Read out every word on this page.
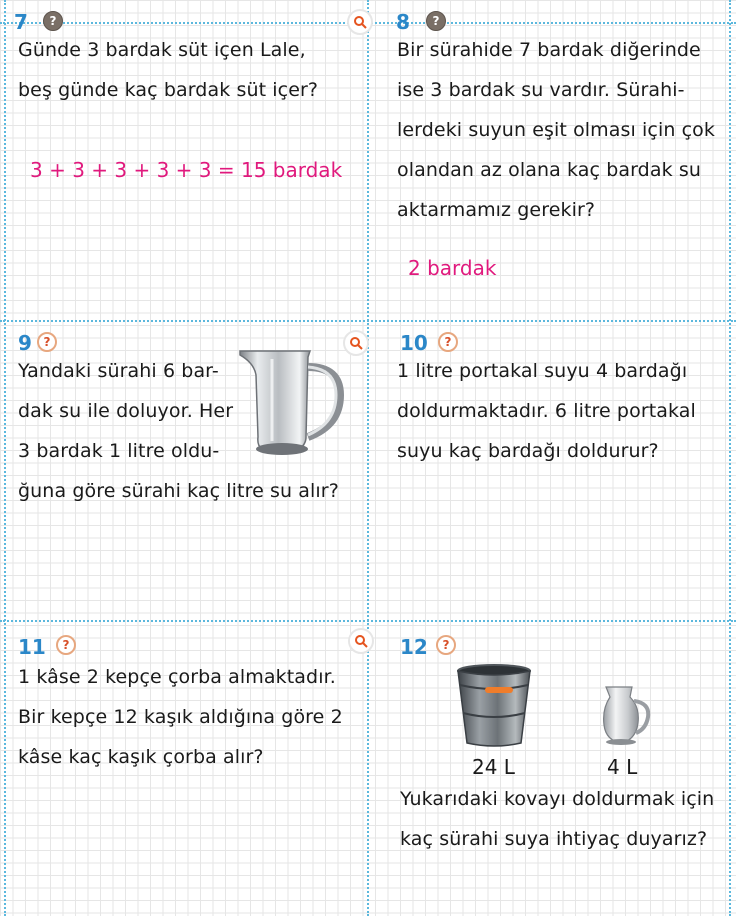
7	?
Günde 3 bardak süt içen Lale,
beş günde kaç bardak süt içer?
3 + 3 + 3 + 3 + 3 = 15 bardak
8	?
Bir sürahide 7 bardak diğerinde
ise 3 bardak su vardır. Sürahi-
lerdeki suyun eşit olması için çok
olandan az olana kaç bardak su
aktarmamız gerekir?
2 bardak
9 ?
Yandaki sürahi 6 bar-
dak su ile doluyor. Her
3 bardak 1 litre oldu-
ğuna göre sürahi kaç litre su alır?
10	?
1 litre portakal suyu 4 bardağı
doldurmaktadır. 6 litre portakal
suyu kaç bardağı doldurur?
11	?
1 kâse 2 kepçe çorba almaktadır.
Bir kepçe 12 kaşık aldığına göre 2
kâse kaç kaşık çorba alır?
12	?
24 L	4 L
Yukarıdaki kovayı doldurmak için
kaç sürahi suya ihtiyaç duyarız?
